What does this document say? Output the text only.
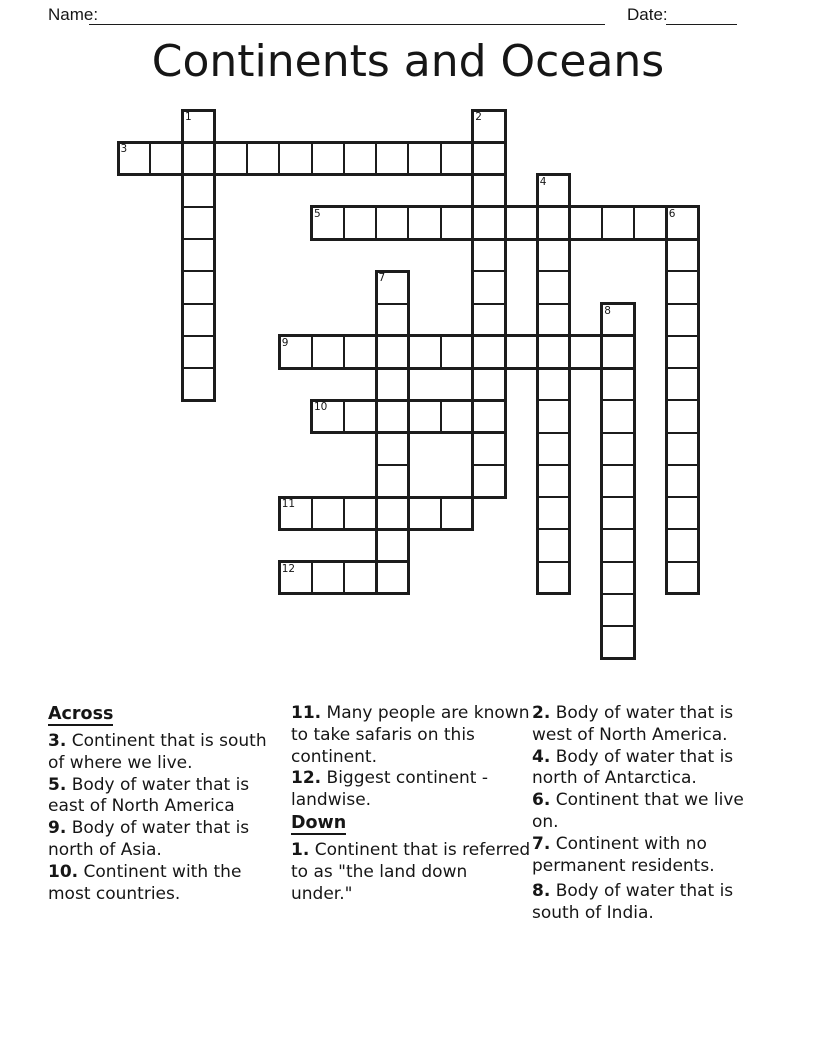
Name:	Date:
Continents and Oceans
1	2
3
4
5	6
7
8
9
10
11
12
Across
3. Continent that is south of where we live.
5. Body of water that is east of North America
9. Body of water that is north of Asia.
10. Continent with the most countries.
11. Many people are known to take safaris on this continent.
12. Biggest continent - landwise.
Down
1. Continent that is referred to as "the land down under."
2. Body of water that is west of North America.
4. Body of water that is north of Antarctica.
6. Continent that we live on.
7. Continent with no permanent residents.
8. Body of water that is south of India.
